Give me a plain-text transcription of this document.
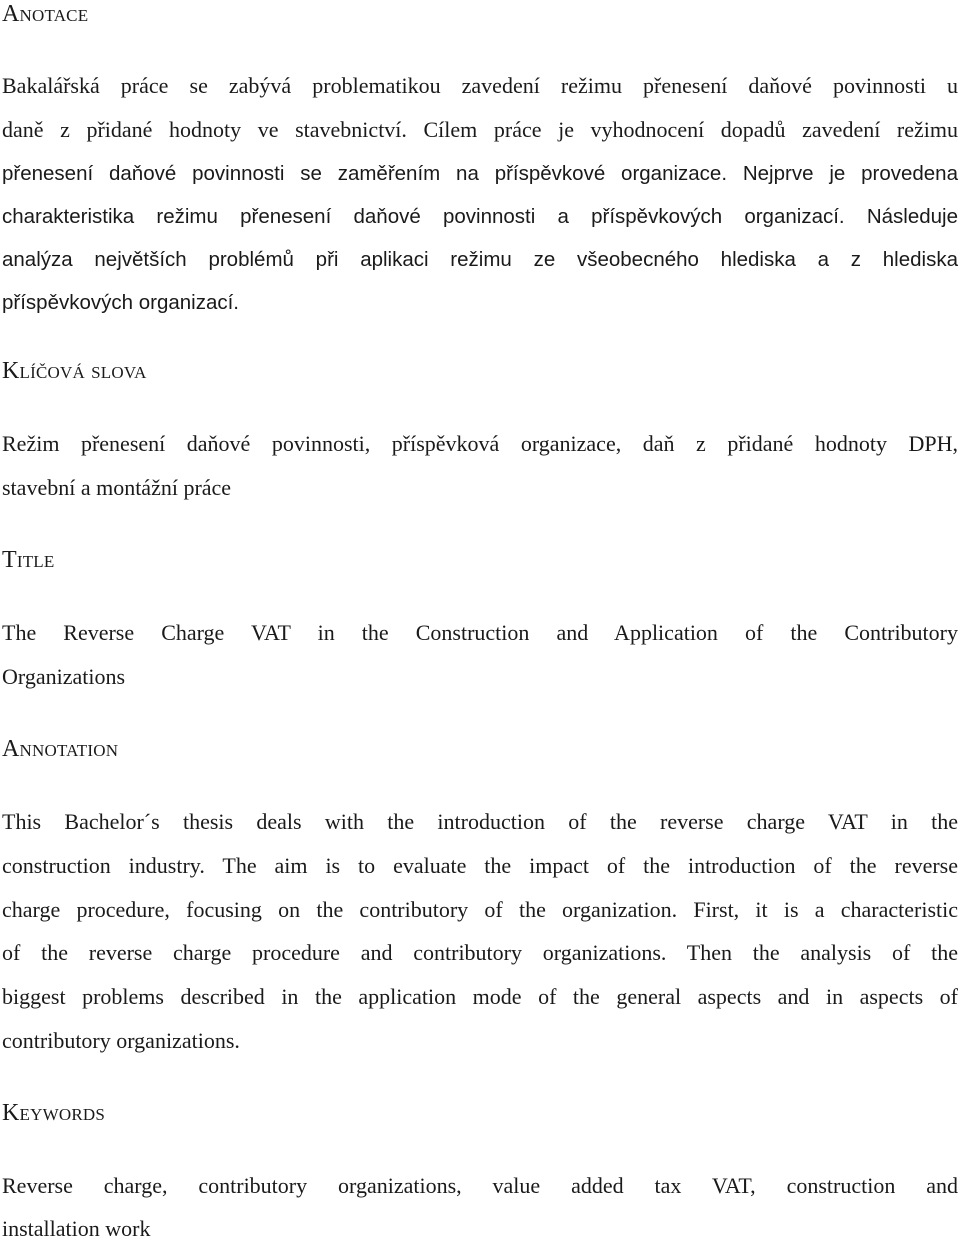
Anotace
Bakalářská práce se zabývá problematikou zavedení režimu přenesení daňové povinnosti u
daně z přidané hodnoty ve stavebnictví. Cílem práce je vyhodnocení dopadů zavedení režimu
přenesení daňové povinnosti se zaměřením na příspěvkové organizace. Nejprve je provedena
charakteristika režimu přenesení daňové povinnosti a příspěvkových organizací. Následuje
analýza největších problémů při aplikaci režimu ze všeobecného hlediska a z hlediska
příspěvkových organizací.
Klíčová slova
Režim přenesení daňové povinnosti, příspěvková organizace, daň z přidané hodnoty DPH,
stavební a montážní práce
Title
The Reverse Charge VAT in the Construction and Application of the Contributory
Organizations
Annotation
This Bachelor´s thesis deals with the introduction of the reverse charge VAT in the
construction industry. The aim is to evaluate the impact of the introduction of the reverse
charge procedure, focusing on the contributory of the organization. First, it is a characteristic
of the reverse charge procedure and contributory organizations. Then the analysis of the
biggest problems described in the application mode of the general aspects and in aspects of
contributory organizations.
Keywords
Reverse charge, contributory organizations, value added tax VAT, construction and
installation work
